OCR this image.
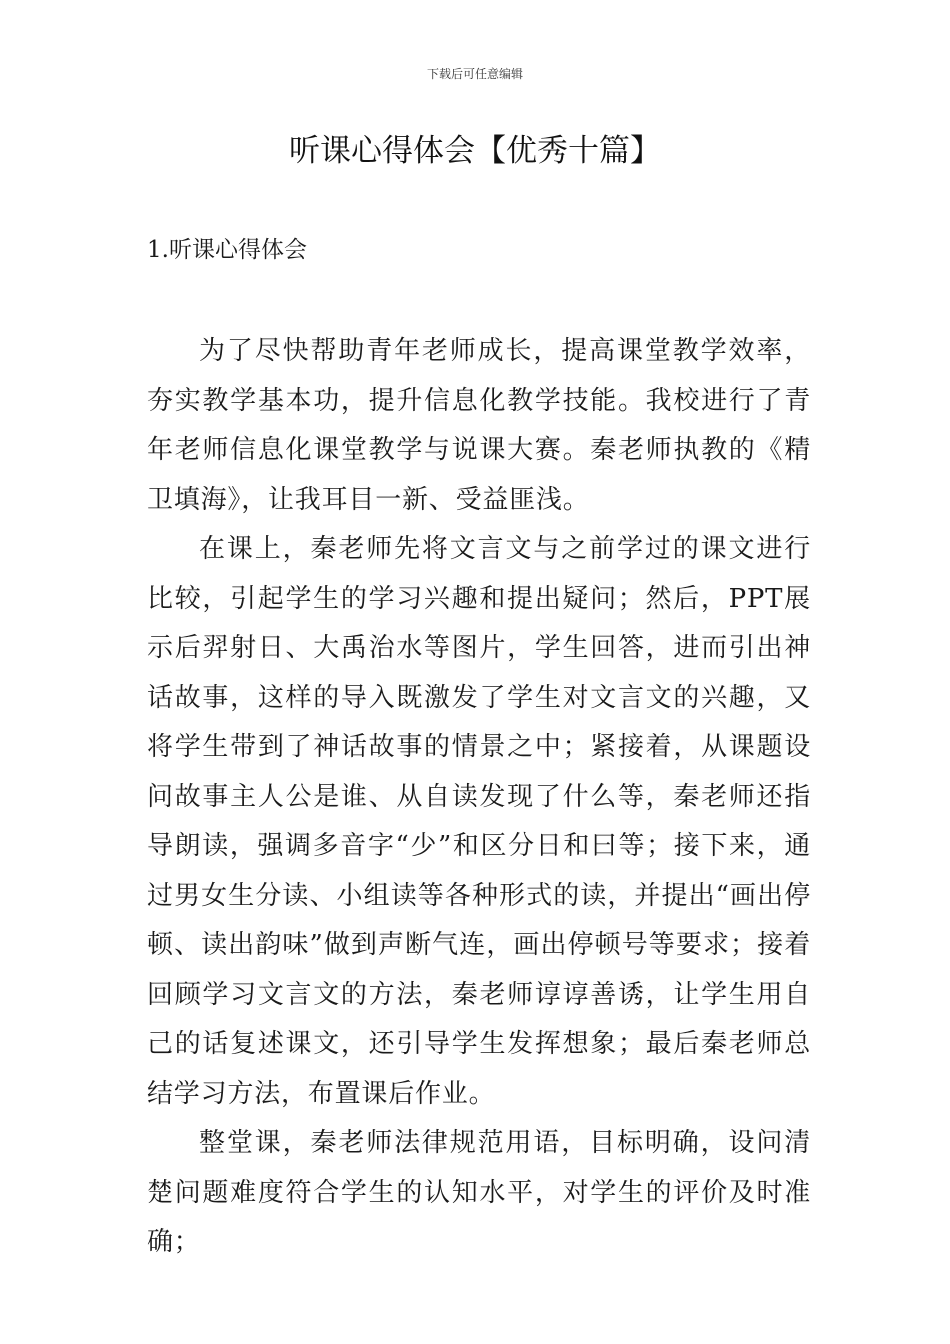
下载后可任意编辑
听课心得体会【优秀十篇】
1.听课心得体会

为了尽快帮助青年老师成长，提高课堂教学效率，夯实教学基本功，提升信息化教学技能。我校进行了青年老师信息化课堂教学与说课大赛。秦老师执教的《精卫填海》，让我耳目一新、受益匪浅。

在课上，秦老师先将文言文与之前学过的课文进行比较，引起学生的学习兴趣和提出疑问；然后，PPT展示后羿射日、大禹治水等图片，学生回答，进而引出神话故事，这样的导入既激发了学生对文言文的兴趣，又将学生带到了神话故事的情景之中；紧接着，从课题设问故事主人公是谁、从自读发现了什么等，秦老师还指导朗读，强调多音字“少”和区分日和曰等；接下来，通过男女生分读、小组读等各种形式的读，并提出“画出停顿、读出韵味”做到声断气连，画出停顿号等要求；接着回顾学习文言文的方法，秦老师谆谆善诱，让学生用自己的话复述课文，还引导学生发挥想象；最后秦老师总结学习方法，布置课后作业。

整堂课，秦老师法律规范用语，目标明确，设问清楚问题难度符合学生的认知水平，对学生的评价及时准确；
